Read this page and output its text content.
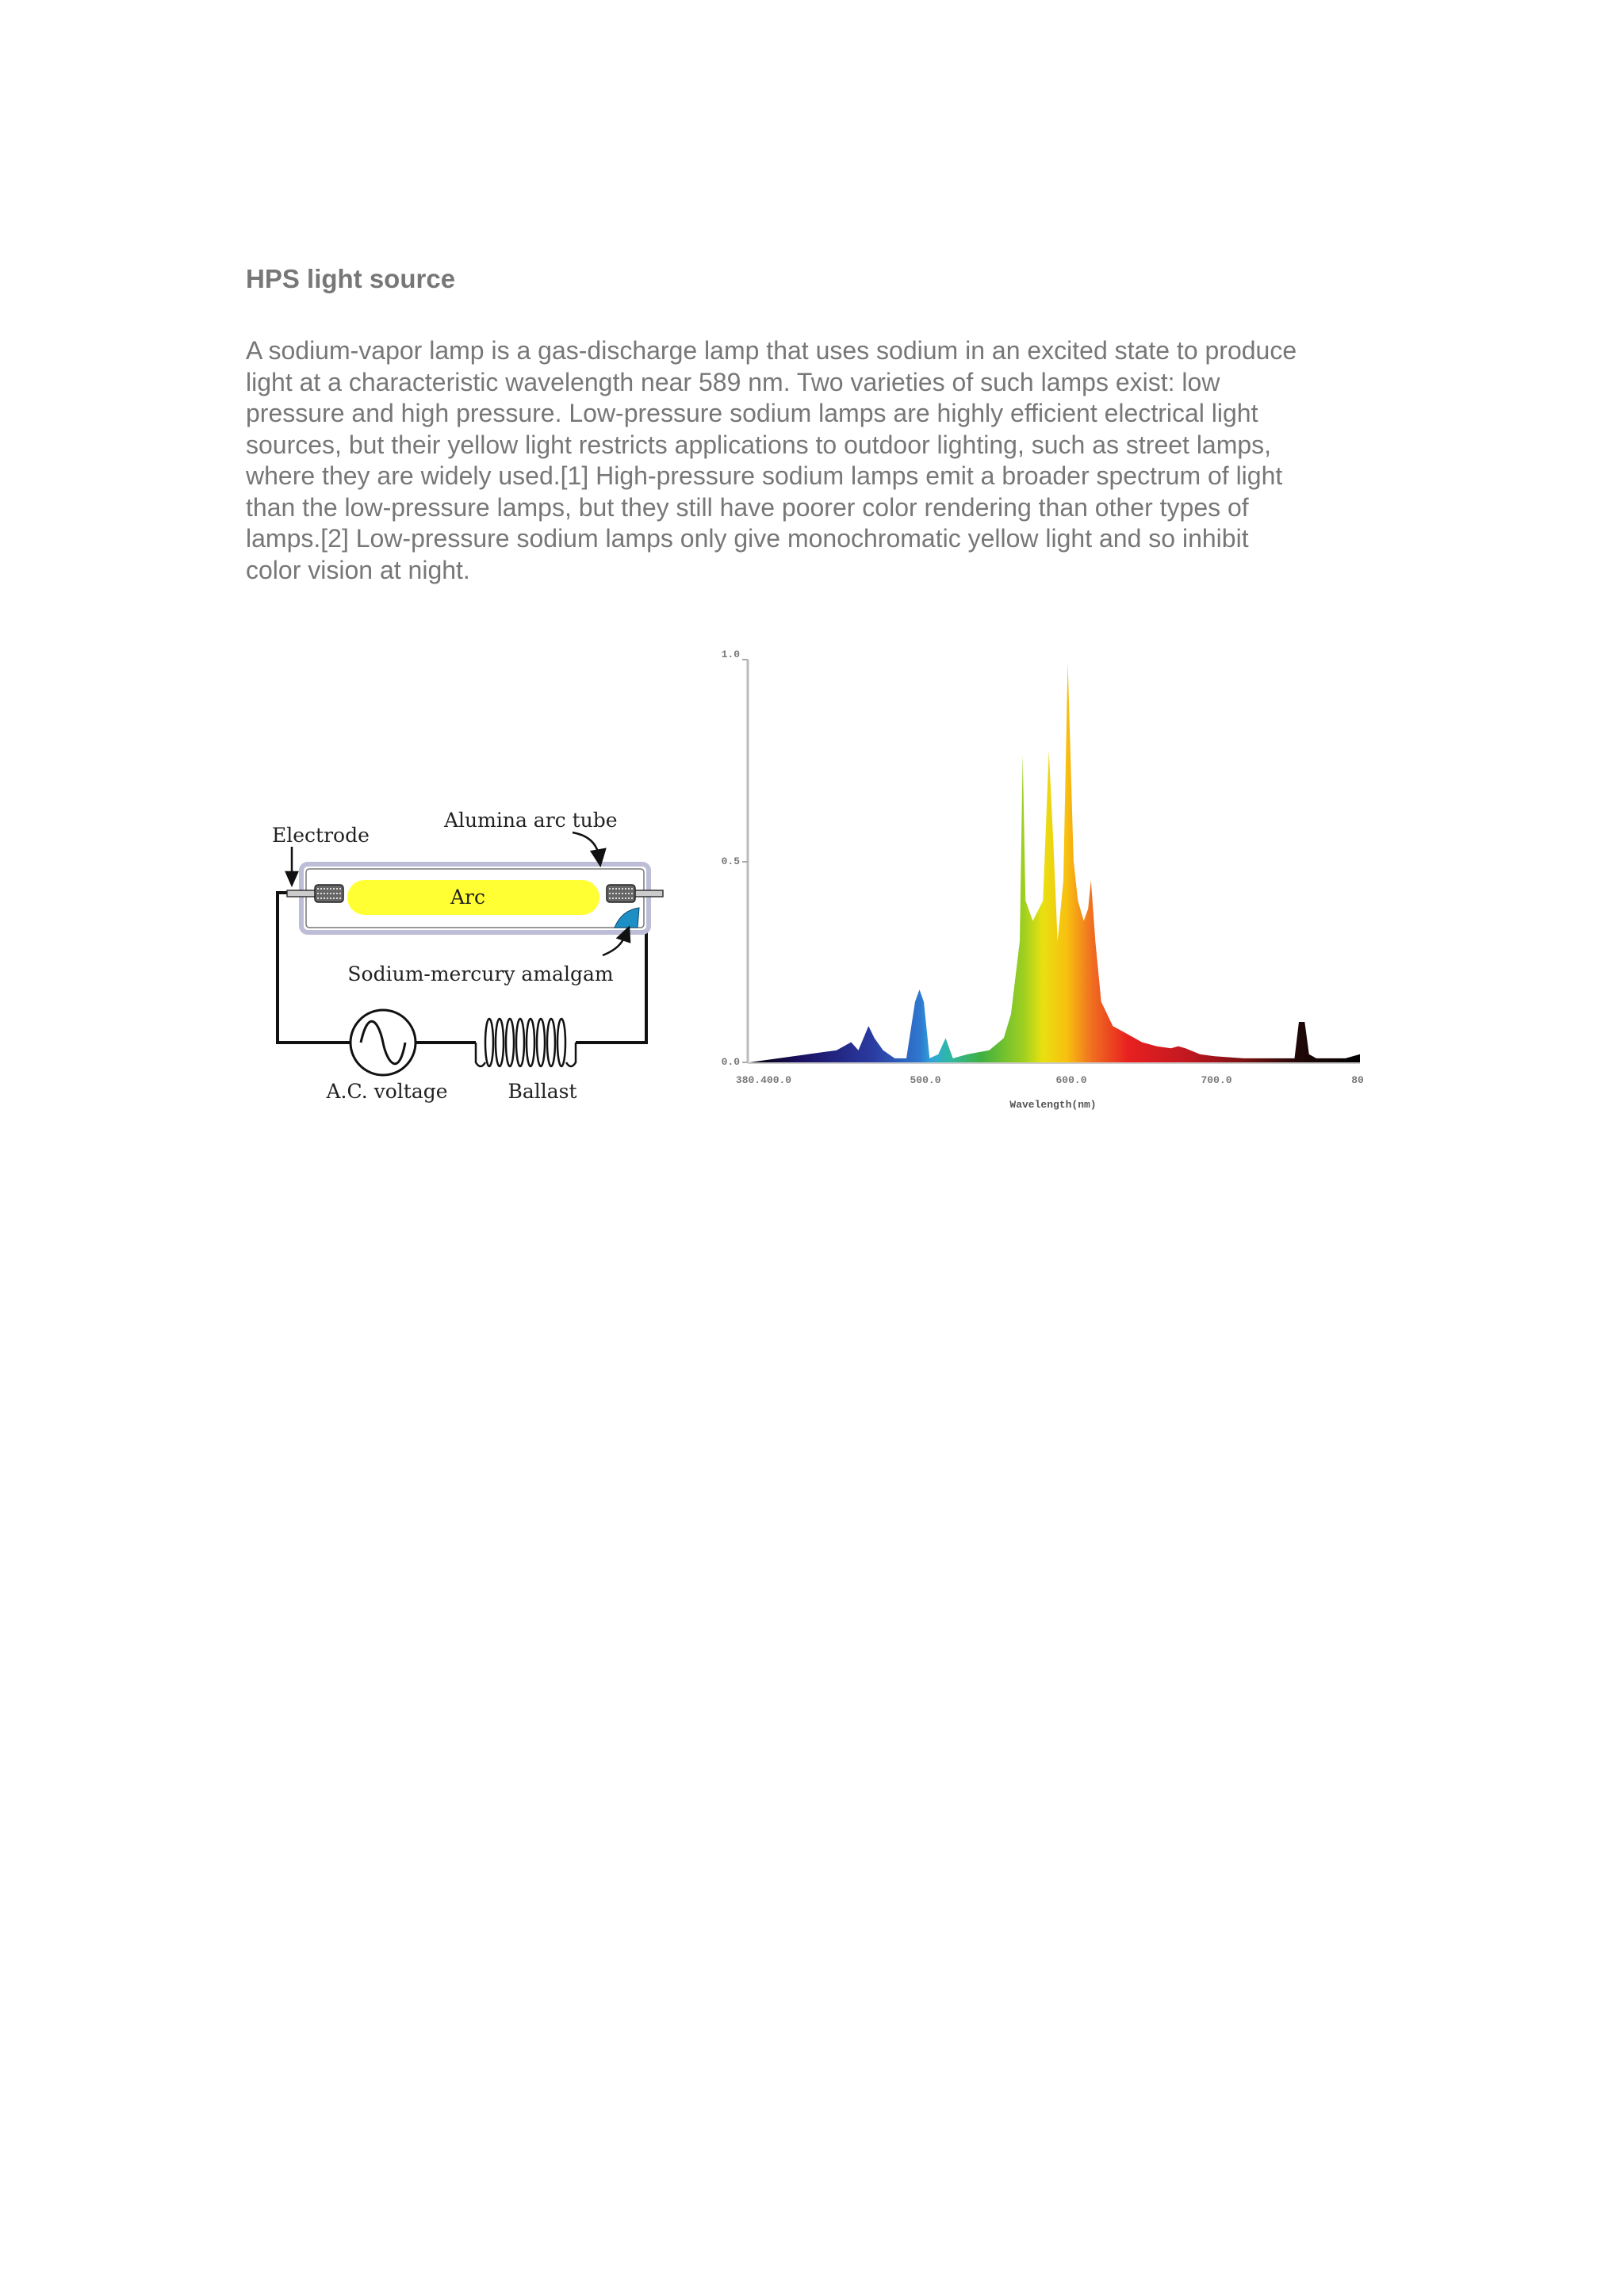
HPS light source

A sodium-vapor lamp is a gas-discharge lamp that uses sodium in an excited state to produce
light at a characteristic wavelength near 589 nm. Two varieties of such lamps exist: low
pressure and high pressure. Low-pressure sodium lamps are highly efficient electrical light
sources, but their yellow light restricts applications to outdoor lighting, such as street lamps,
where they are widely used.[1] High-pressure sodium lamps emit a broader spectrum of light
than the low-pressure lamps, but they still have poorer color rendering than other types of
lamps.[2] Low-pressure sodium lamps only give monochromatic yellow light and so inhibit
color vision at night.

Arc
Electrode
Alumina arc tube
Sodium-mercury amalgam
A.C. voltage	Ballast
1.0
0.5
0.0
380.400.0	500.0	600.0	700.0	80
Wavelength(nm)
